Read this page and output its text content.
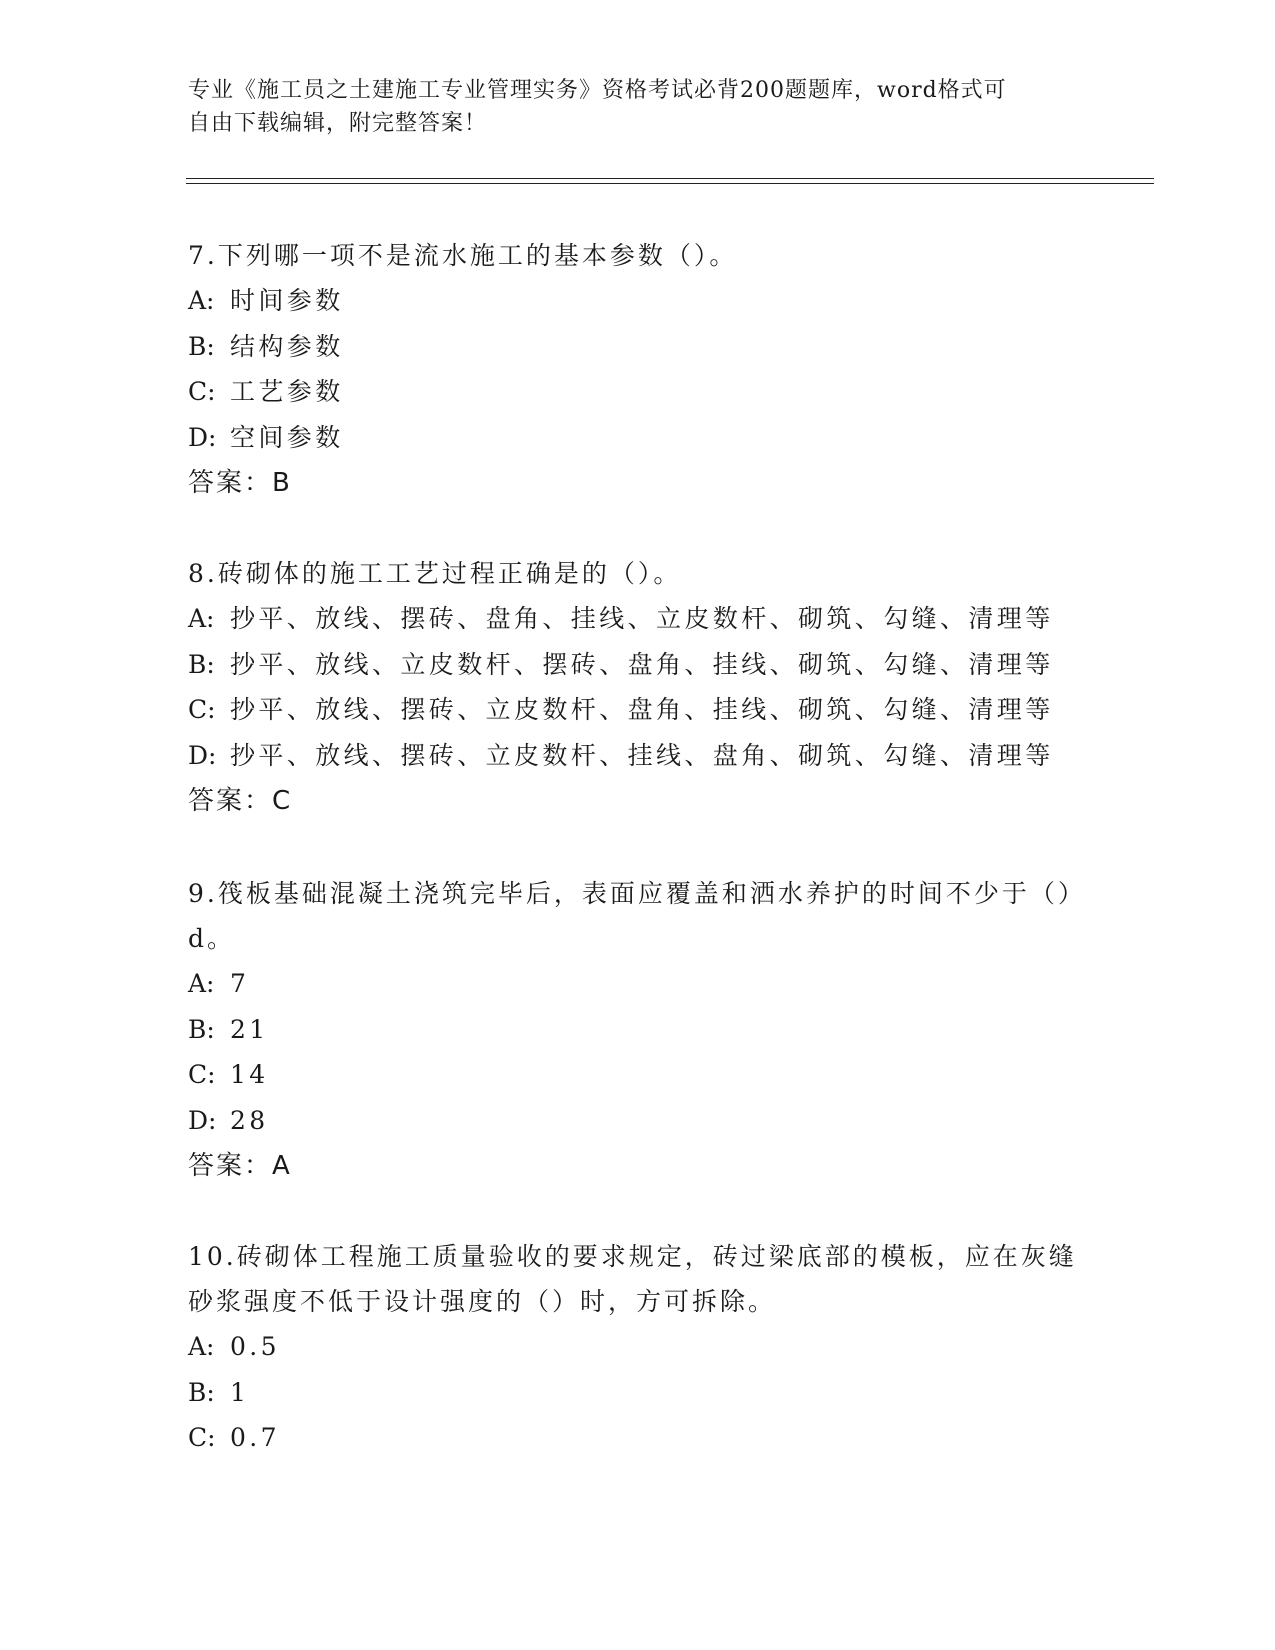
专业《施工员之土建施工专业管理实务》资格考试必背200题题库，word格式可
自由下载编辑，附完整答案！

7.下列哪一项不是流水施工的基本参数（）。

A: 时间参数

B: 结构参数

C: 工艺参数

D: 空间参数

答案：B

8.砖砌体的施工工艺过程正确是的（）。

A: 抄平、放线、摆砖、盘角、挂线、立皮数杆、砌筑、勾缝、清理等

B: 抄平、放线、立皮数杆、摆砖、盘角、挂线、砌筑、勾缝、清理等

C: 抄平、放线、摆砖、立皮数杆、盘角、挂线、砌筑、勾缝、清理等

D: 抄平、放线、摆砖、立皮数杆、挂线、盘角、砌筑、勾缝、清理等

答案：C

9.筏板基础混凝土浇筑完毕后，表面应覆盖和洒水养护的时间不少于（）d。

A: 7

B: 21

C: 14

D: 28

答案：A

10.砖砌体工程施工质量验收的要求规定，砖过梁底部的模板，应在灰缝砂浆强度不低于设计强度的（）时，方可拆除。

A: 0.5

B: 1

C: 0.7
